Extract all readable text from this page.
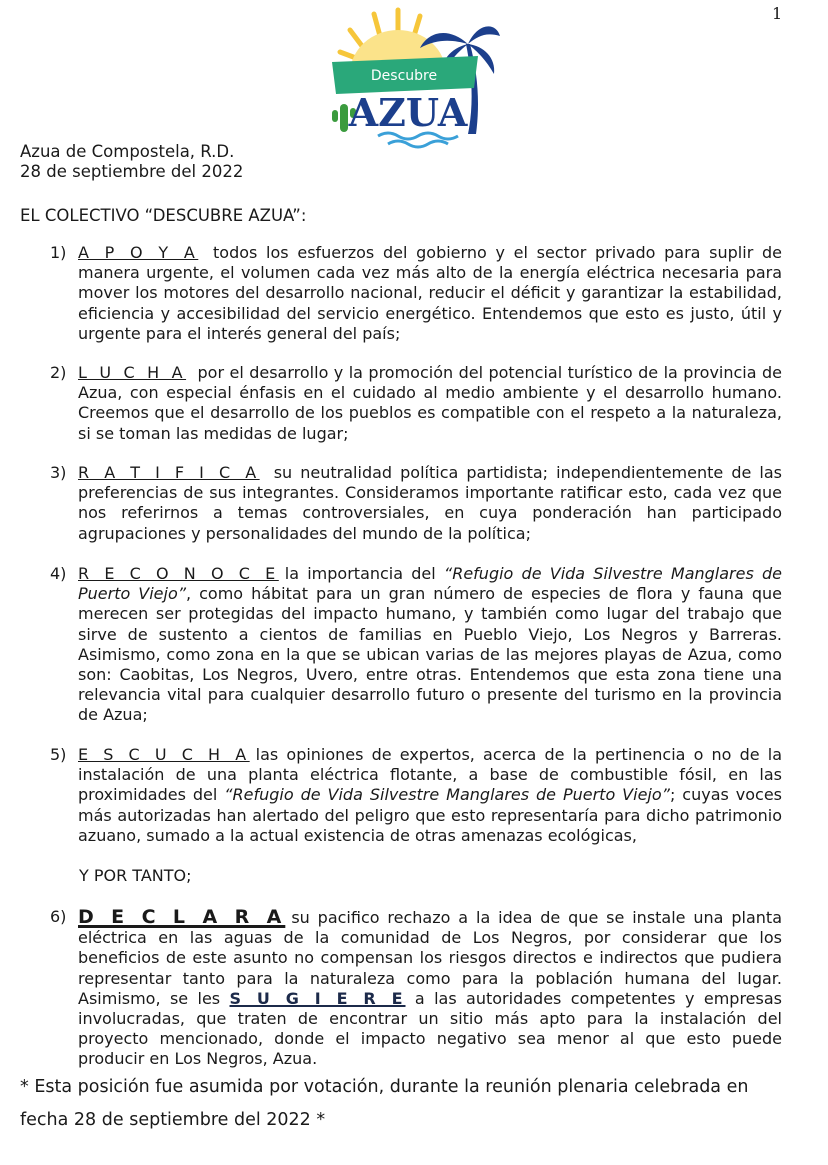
1
Descubre
AZUA
Azua de Compostela, R.D.
28 de septiembre del 2022
EL COLECTIVO “DESCUBRE AZUA”:
1) A P O Y A todos los esfuerzos del gobierno y el sector privado para suplir de manera urgente, el volumen cada vez más alto de la energía eléctrica necesaria para mover los motores del desarrollo nacional, reducir el déficit y garantizar la estabilidad, eficiencia y accesibilidad del servicio energético. Entendemos que esto es justo, útil y urgente para el interés general del país;
2) L U C H A por el desarrollo y la promoción del potencial turístico de la provincia de Azua, con especial énfasis en el cuidado al medio ambiente y el desarrollo humano. Creemos que el desarrollo de los pueblos es compatible con el respeto a la naturaleza, si se toman las medidas de lugar;
3) R A T I F I C A su neutralidad política partidista; independientemente de las preferencias de sus integrantes. Consideramos importante ratificar esto, cada vez que nos referirnos a temas controversiales, en cuya ponderación han participado agrupaciones y personalidades del mundo de la política;
4) R E C O N O C E la importancia del “Refugio de Vida Silvestre Manglares de Puerto Viejo”, como hábitat para un gran número de especies de flora y fauna que merecen ser protegidas del impacto humano, y también como lugar del trabajo que sirve de sustento a cientos de familias en Pueblo Viejo, Los Negros y Barreras. Asimismo, como zona en la que se ubican varias de las mejores playas de Azua, como son: Caobitas, Los Negros, Uvero, entre otras. Entendemos que esta zona tiene una relevancia vital para cualquier desarrollo futuro o presente del turismo en la provincia de Azua;
5) E S C U C H A las opiniones de expertos, acerca de la pertinencia o no de la instalación de una planta eléctrica flotante, a base de combustible fósil, en las proximidades del “Refugio de Vida Silvestre Manglares de Puerto Viejo”; cuyas voces más autorizadas han alertado del peligro que esto representaría para dicho patrimonio azuano, sumado a la actual existencia de otras amenazas ecológicas,
6) D E C L A R A su pacifico rechazo a la idea de que se instale una planta eléctrica en las aguas de la comunidad de Los Negros, por considerar que los beneficios de este asunto no compensan los riesgos directos e indirectos que pudiera representar tanto para la naturaleza como para la población humana del lugar. Asimismo, se les S U G I E R E a las autoridades competentes y empresas involucradas, que traten de encontrar un sitio más apto para la instalación del proyecto mencionado, donde el impacto negativo sea menor al que esto puede producir en Los Negros, Azua.
Y POR TANTO;
* Esta posición fue asumida por votación, durante la reunión plenaria celebrada en fecha 28 de septiembre del 2022 *
